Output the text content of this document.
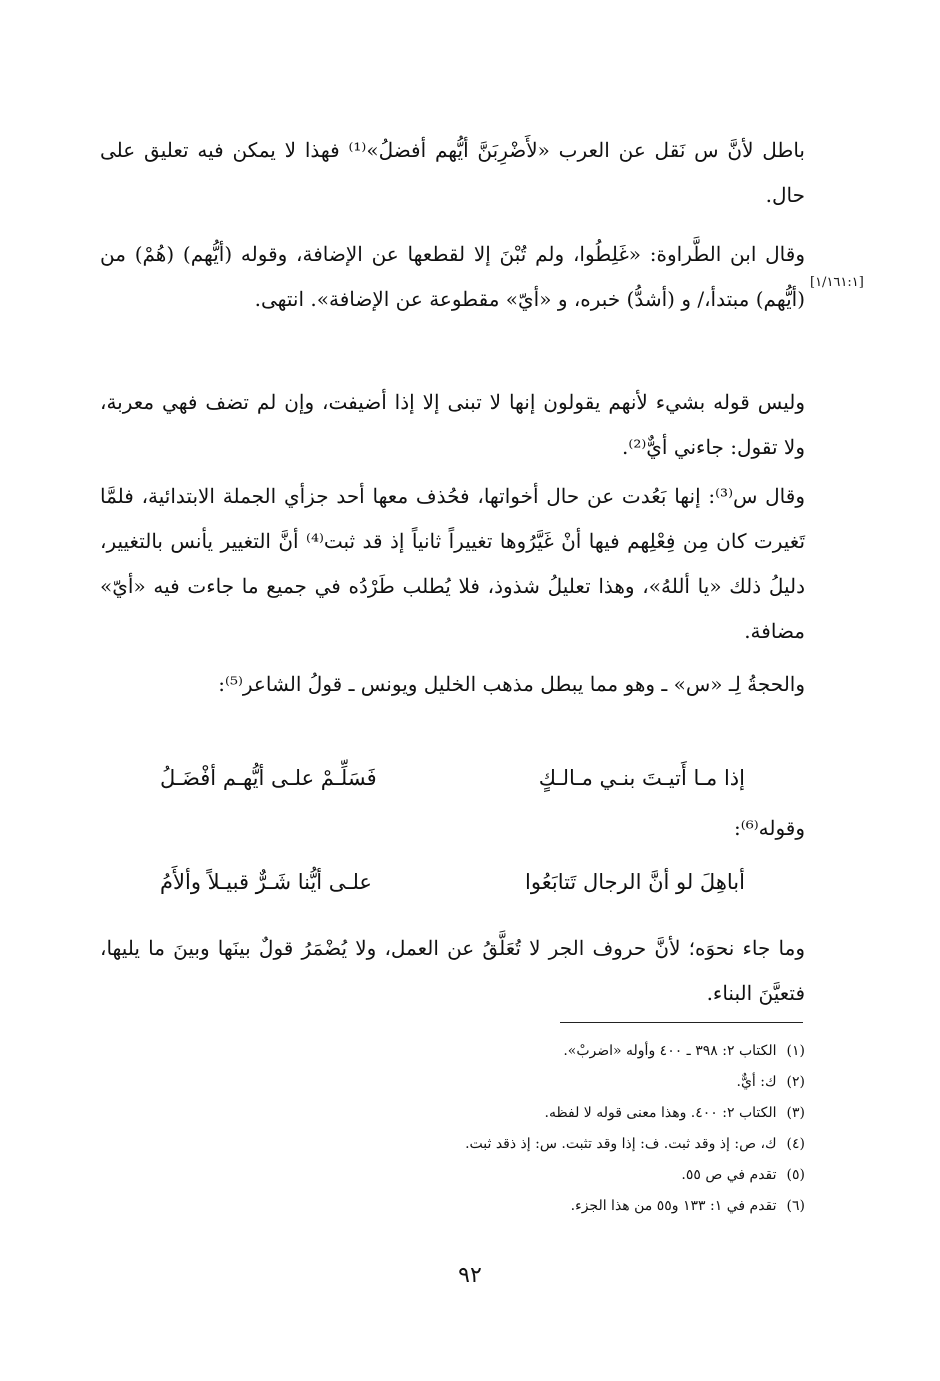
باطل لأنَّ س نَقل عن العرب «لأَضْرِبَنَّ أيُّهم أفضلُ»⁽¹⁾ فهذا لا يمكن فيه تعليق على حال.
[١/١٦١:١]
وقال ابن الطَّراوة: «غَلِطُوا، ولم تُبْنَ إلا لقطعها عن الإضافة، وقوله (أيُّهم) (هُمْ) من (أيُّهم) مبتدأ،/ و (أشدُّ) خبره، و «أيّ» مقطوعة عن الإضافة». انتهى.
وليس قوله بشيء لأنهم يقولون إنها لا تبنى إلا إذا أضيفت، وإن لم تضف فهي معربة، ولا تقول: جاءني أيٌّ⁽²⁾.
وقال س⁽³⁾: إنها بَعُدت عن حال أخواتها، فحُذف معها أحد جزأي الجملة الابتدائية، فلمَّا تَغيرت كان مِن فِعْلِهم فيها أنْ غَيَّرُوها تغييراً ثانياً إذ قد ثبت⁽⁴⁾ أنَّ التغيير يأنس بالتغيير، دليلُ ذلك «يا أللهُ»، وهذا تعليلُ شذوذ، فلا يُطلب طَرْدُه في جميع ما جاءت فيه «أيّ» مضافة.
والحجةُ لِـ «س» ـ وهو مما يبطل مذهب الخليل ويونس ـ قولُ الشاعر⁽⁵⁾:
إذا مـا أَتيـتَ بنـي مـالـكٍ
فَسَلِّـمْ علـى أيُّهـم أفْضَـلُ
وقوله⁽⁶⁾:
أباهِلَ لو أنَّ الرجال تَتابَعُوا
علـى أيُّنا شَـرٌّ قبيـلاً وألأَمُ
وما جاء نحوَه؛ لأنَّ حروف الجر لا تُعَلَّقُ عن العمل، ولا يُضْمَرُ قولٌ بينَها وبينَ ما يليها، فتعيَّنَ البناء.
(١)
الكتاب ٢: ٣٩٨ ـ ٤٠٠ وأوله «اضربْ».
(٢)
ك: أيٌّ.
(٣)
الكتاب ٢: ٤٠٠. وهذا معنى قوله لا لفظه.
(٤)
ك، ص: إذ وقد ثبت. ف: إذا وقد تثبت. س: إذ ذقد ثبت.
(٥)
تقدم في ص ٥٥.
(٦)
تقدم في ١: ١٣٣ و٥٥ من هذا الجزء.
٩٢
